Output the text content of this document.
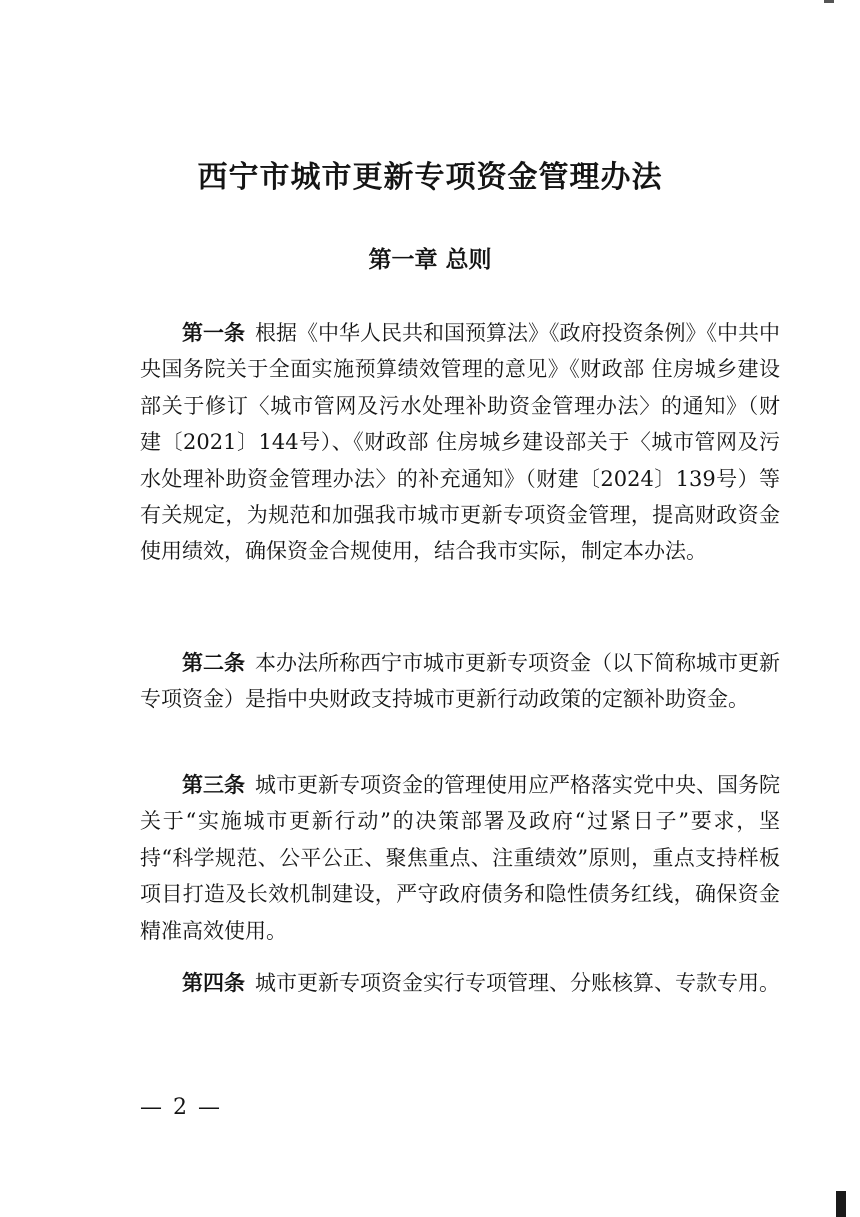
西宁市城市更新专项资金管理办法
第一章 总则

第一条 根据《中华人民共和国预算法》《政府投资条例》《中共中央国务院关于全面实施预算绩效管理的意见》《财政部 住房城乡建设部关于修订〈城市管网及污水处理补助资金管理办法〉的通知》（财建〔2021〕144号）、《财政部 住房城乡建设部关于〈城市管网及污水处理补助资金管理办法〉的补充通知》（财建〔2024〕139号）等有关规定，为规范和加强我市城市更新专项资金管理，提高财政资金使用绩效，确保资金合规使用，结合我市实际，制定本办法。

第二条 本办法所称西宁市城市更新专项资金（以下简称城市更新专项资金）是指中央财政支持城市更新行动政策的定额补助资金。

第三条 城市更新专项资金的管理使用应严格落实党中央、国务院关于“实施城市更新行动”的决策部署及政府“过紧日子”要求，坚持“科学规范、公平公正、聚焦重点、注重绩效”原则，重点支持样板项目打造及长效机制建设，严守政府债务和隐性债务红线，确保资金精准高效使用。

第四条 城市更新专项资金实行专项管理、分账核算、专款专用。

— 2 —
